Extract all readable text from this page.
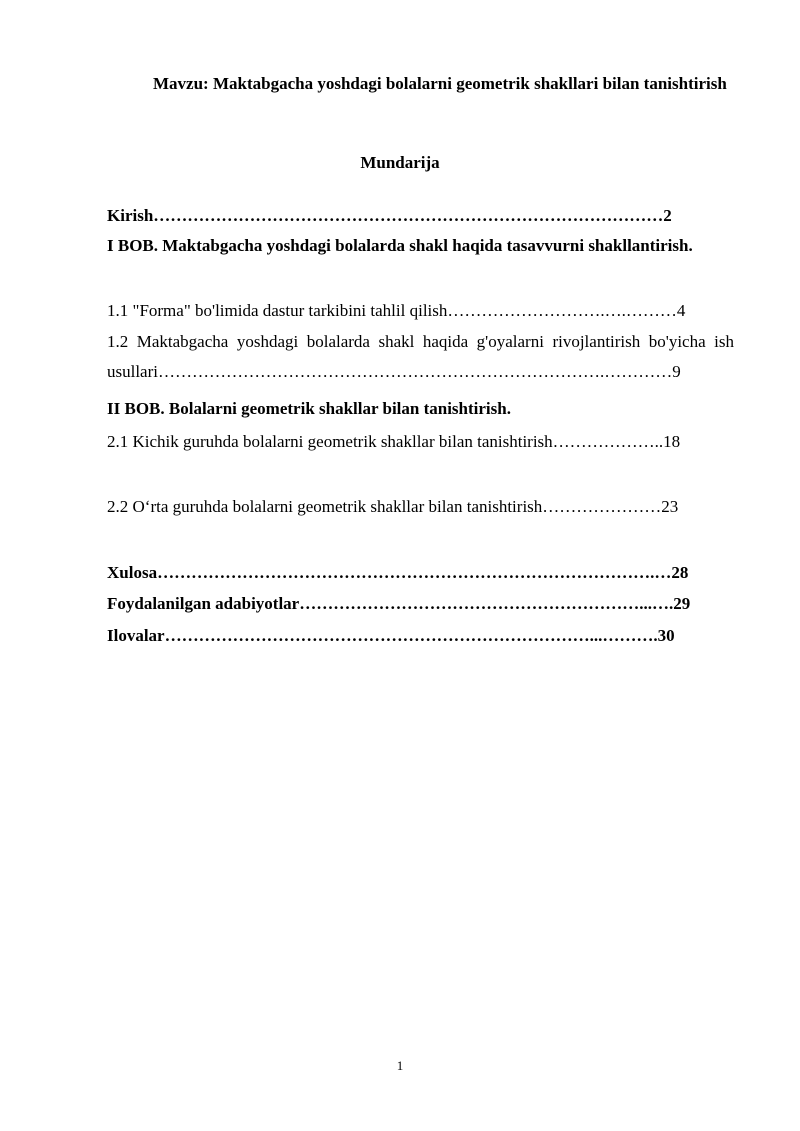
Mavzu: Maktabgacha yoshdagi bolalarni geometrik shakllari bilan tanishtirish
Mundarija
Kirish………………………………………………………………………………2
I BOB. Maktabgacha yoshdagi bolalarda shakl haqida tasavvurni shakllantirish.
1.1 "Forma" bo'limida dastur tarkibini tahlil qilish……………………….….………4
1.2 Maktabgacha yoshdagi bolalarda shakl haqida g'oyalarni rivojlantirish bo'yicha ish usullari…………………………………………………………………….…………9
II BOB. Bolalarni geometrik shakllar bilan tanishtirish.
2.1 Kichik guruhda bolalarni geometrik shakllar bilan tanishtirish………………..18
2.2 O‘rta guruhda bolalarni geometrik shakllar bilan tanishtirish…………………23
Xulosa…………………………………………………………………………….…28
Foydalanilgan adabiyotlar……………………………………………………...….29
Ilovalar…………………………………………………………………...……….30
1
